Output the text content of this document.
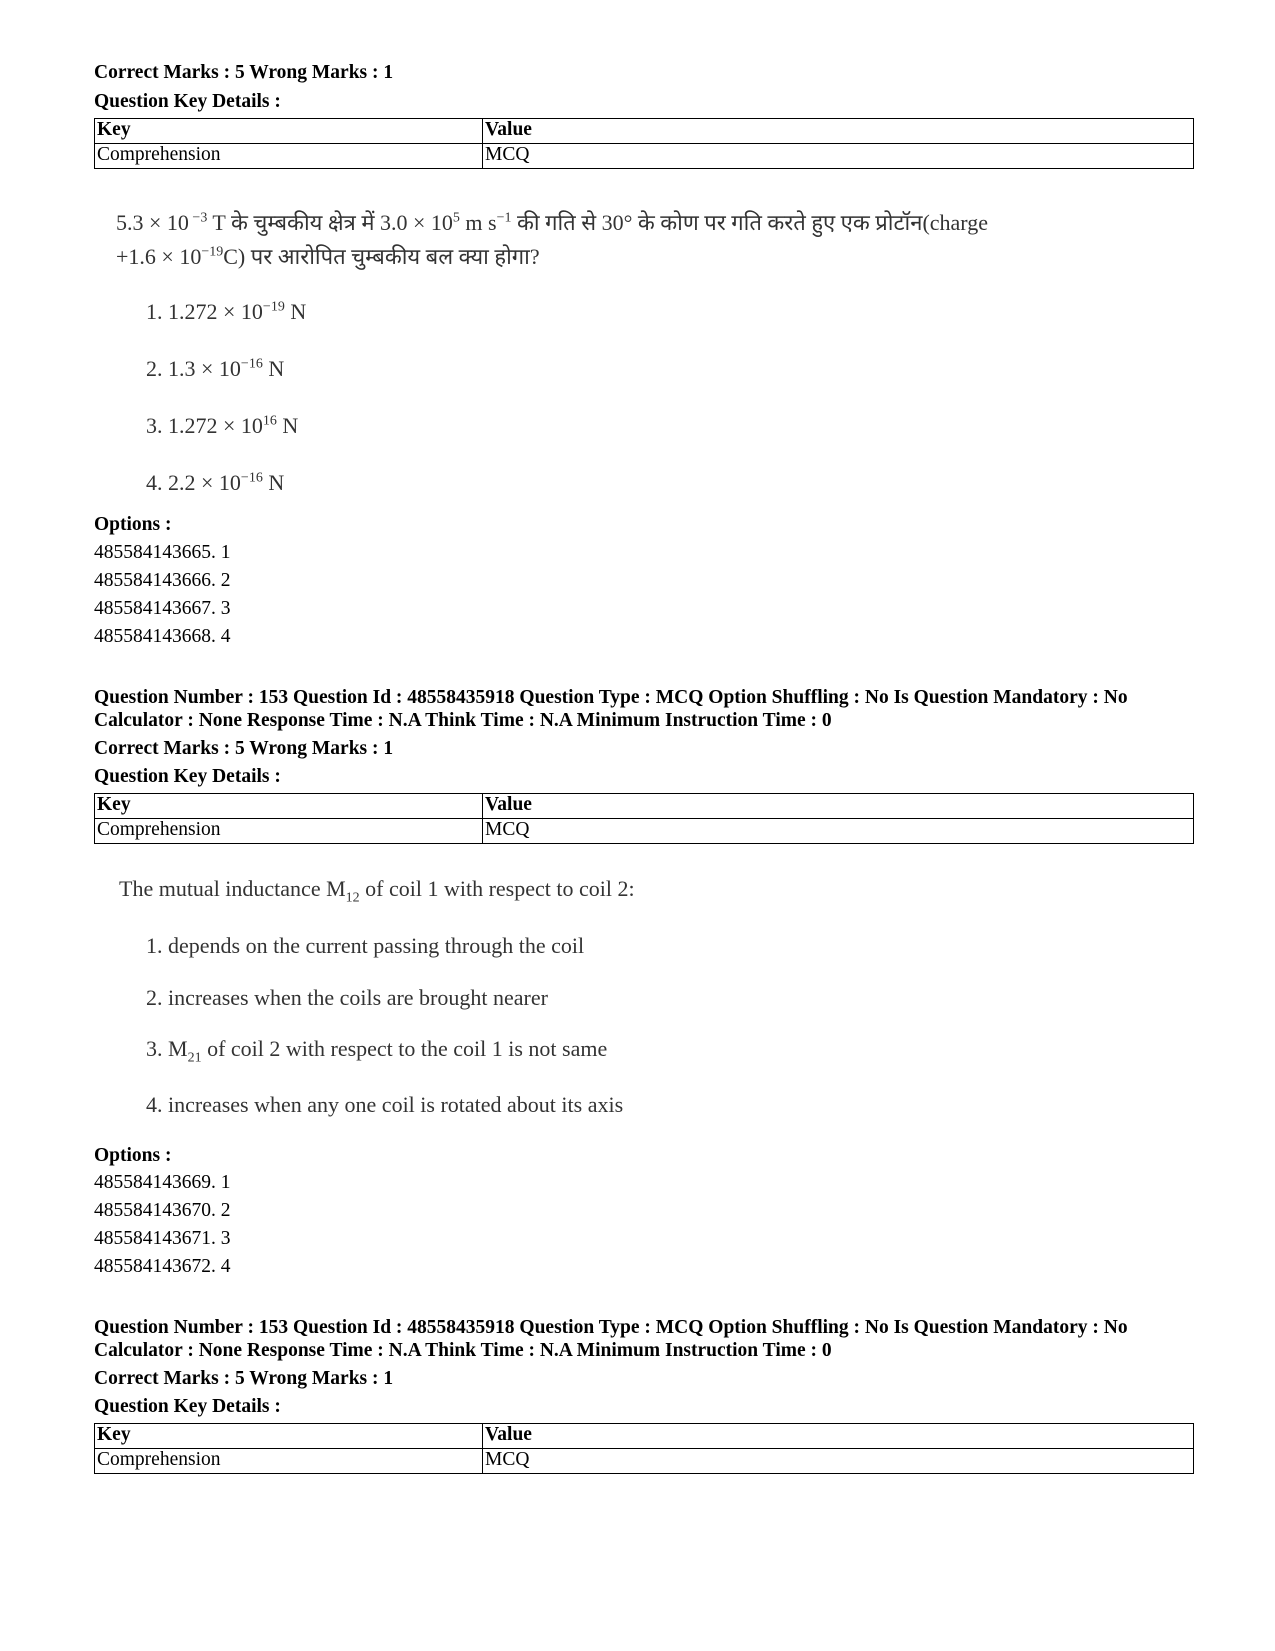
Correct Marks : 5 Wrong Marks : 1
Question Key Details :
Key	Value
Comprehension	MCQ
5.3 × 10 $^{-3}$ T के चुम्बकीय क्षेत्र में $3.0 \times 10^5$ m $s^{-1}$ की गति से 30° के कोण पर गति करते हुए एक प्रोटॉन(charge
$+1.6 \times 10^{-19}C$) पर आरोपित चुम्बकीय बल क्या होगा?
1. $1.272 \times 10^{-19}$ N
2. $1.3 \times 10^{-16}$ N
3. $1.272 \times 10^{16}$ N
4. $2.2 \times 10^{-16}$ N
Options :
485584143665. 1
485584143666. 2
485584143667. 3
485584143668. 4
Question Number : 153 Question Id : 48558435918 Question Type : MCQ Option Shuffling : No Is Question Mandatory : No Calculator : None Response Time : N.A Think Time : N.A Minimum Instruction Time : 0
Correct Marks : 5 Wrong Marks : 1
Question Key Details :
Key	Value
Comprehension	MCQ
The mutual inductance $M_{12}$ of coil 1 with respect to coil 2:
1. depends on the current passing through the coil
2. increases when the coils are brought nearer
3. $M_{21}$ of coil 2 with respect to the coil 1 is not same
4. increases when any one coil is rotated about its axis
Options :
485584143669. 1
485584143670. 2
485584143671. 3
485584143672. 4
Question Number : 153 Question Id : 48558435918 Question Type : MCQ Option Shuffling : No Is Question Mandatory : No Calculator : None Response Time : N.A Think Time : N.A Minimum Instruction Time : 0
Correct Marks : 5 Wrong Marks : 1
Question Key Details :
Key	Value
Comprehension	MCQ
